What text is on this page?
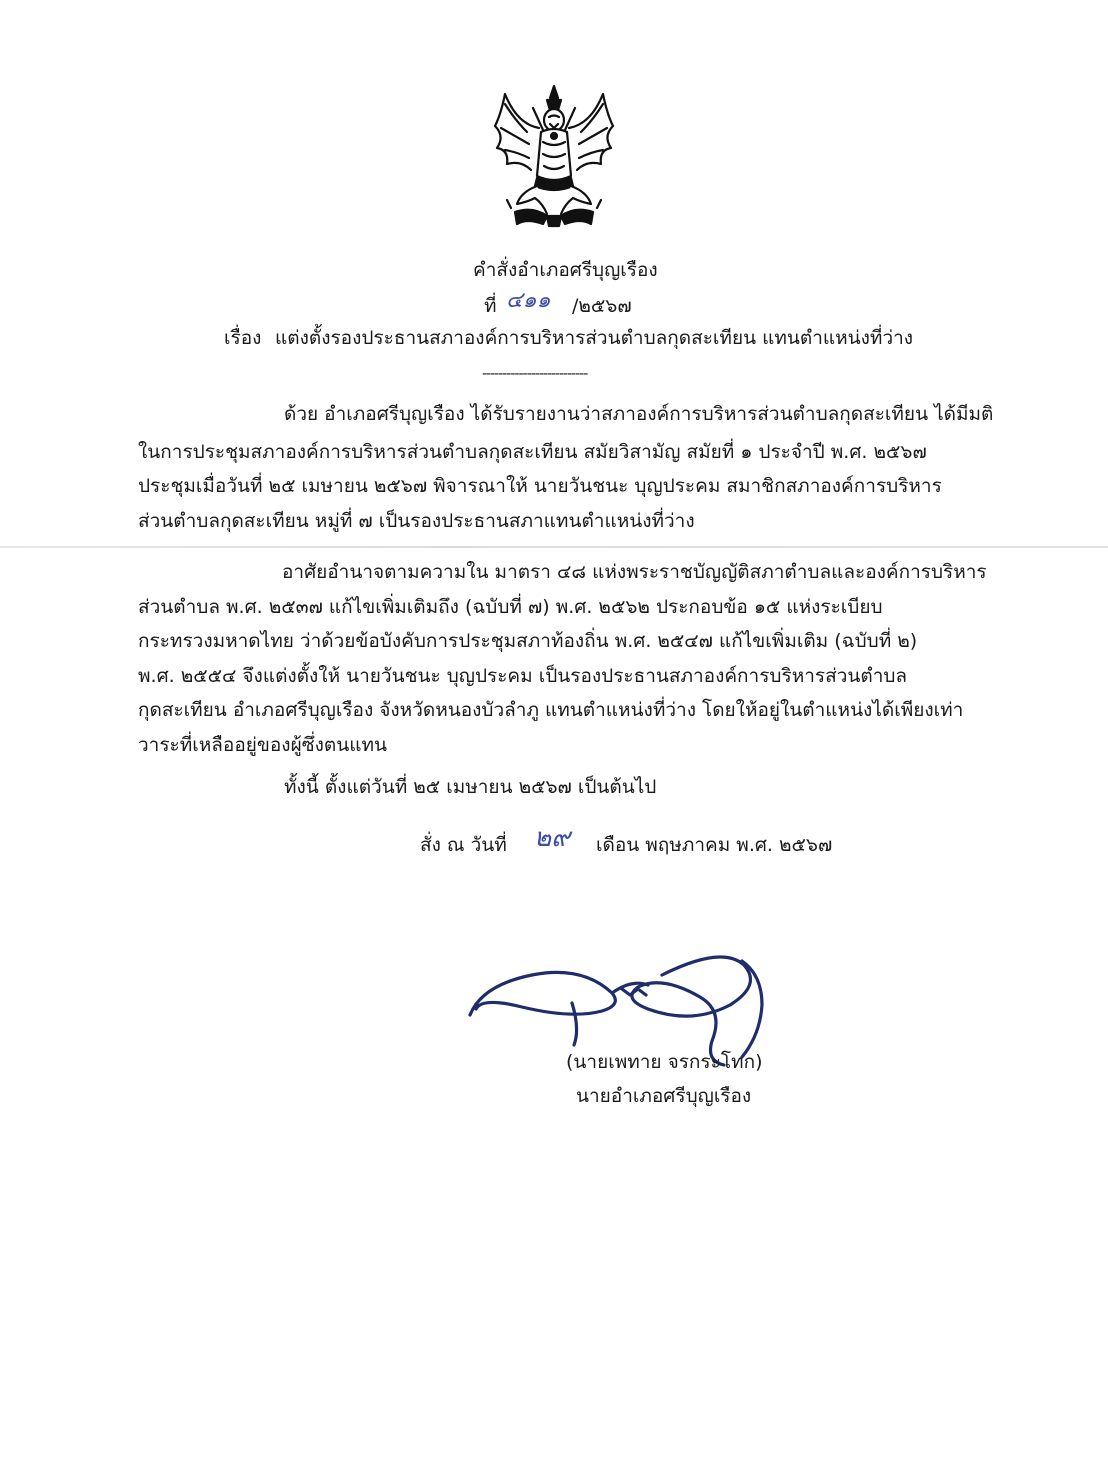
คำสั่งอำเภอศรีบุญเรือง
ที่ ๔๑๑ /๒๕๖๗
เรื่อง แต่งตั้งรองประธานสภาองค์การบริหารส่วนตำบลกุดสะเทียน แทนตำแหน่งที่ว่าง
--------------------------
ด้วย อำเภอศรีบุญเรือง ได้รับรายงานว่าสภาองค์การบริหารส่วนตำบลกุดสะเทียน ได้มีมติ
ในการประชุมสภาองค์การบริหารส่วนตำบลกุดสะเทียน สมัยวิสามัญ สมัยที่ ๑ ประจำปี พ.ศ. ๒๕๖๗
ประชุมเมื่อวันที่ ๒๕ เมษายน ๒๕๖๗ พิจารณาให้ นายวันชนะ บุญประคม สมาชิกสภาองค์การบริหาร
ส่วนตำบลกุดสะเทียน หมู่ที่ ๗ เป็นรองประธานสภาแทนตำแหน่งที่ว่าง
อาศัยอำนาจตามความใน มาตรา ๔๘ แห่งพระราชบัญญัติสภาตำบลและองค์การบริหาร
ส่วนตำบล พ.ศ. ๒๕๓๗ แก้ไขเพิ่มเติมถึง (ฉบับที่ ๗) พ.ศ. ๒๕๖๒ ประกอบข้อ ๑๕ แห่งระเบียบ
กระทรวงมหาดไทย ว่าด้วยข้อบังคับการประชุมสภาท้องถิ่น พ.ศ. ๒๕๔๗ แก้ไขเพิ่มเติม (ฉบับที่ ๒)
พ.ศ. ๒๕๕๔ จึงแต่งตั้งให้ นายวันชนะ บุญประคม เป็นรองประธานสภาองค์การบริหารส่วนตำบล
กุดสะเทียน อำเภอศรีบุญเรือง จังหวัดหนองบัวลำภู แทนตำแหน่งที่ว่าง โดยให้อยู่ในตำแหน่งได้เพียงเท่า
วาระที่เหลืออยู่ของผู้ซึ่งตนแทน
ทั้งนี้ ตั้งแต่วันที่ ๒๕ เมษายน ๒๕๖๗ เป็นต้นไป
สั่ง ณ วันที่ ๒๙ เดือน พฤษภาคม พ.ศ. ๒๕๖๗
(นายเพทาย จรกระโทก)
นายอำเภอศรีบุญเรือง
